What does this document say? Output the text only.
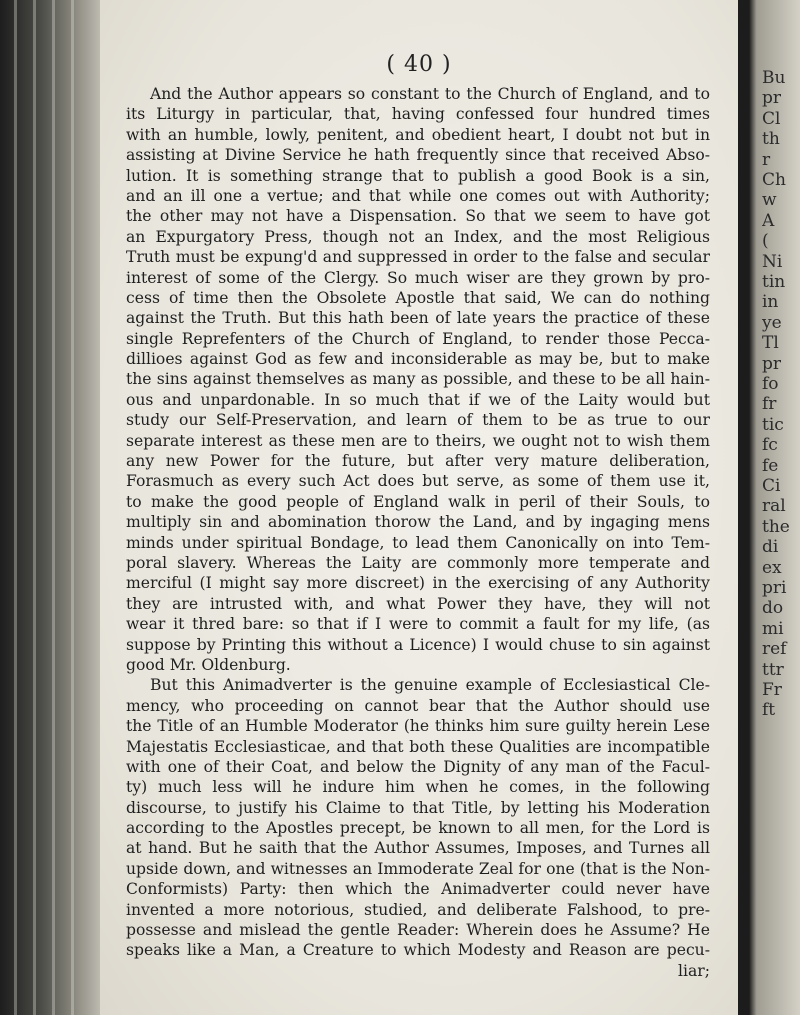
( 40 )
And the Author appears so constant to the Church of England, and to
its Liturgy in particular, that, having confessed four hundred times
with an humble, lowly, penitent, and obedient heart, I doubt not but in
assisting at Divine Service he hath frequently since that received Abso-
lution. It is something strange that to publish a good Book is a sin,
and an ill one a vertue; and that while one comes out with Authority;
the other may not have a Dispensation. So that we seem to have got
an Expurgatory Press, though not an Index, and the most Religious
Truth must be expung'd and suppressed in order to the false and secular
interest of some of the Clergy. So much wiser are they grown by pro-
cess of time then the Obsolete Apostle that said, We can do nothing
against the Truth. But this hath been of late years the practice of these
single Reprefenters of the Church of England, to render those Pecca-
dillioes against God as few and inconsiderable as may be, but to make
the sins against themselves as many as possible, and these to be all hain-
ous and unpardonable. In so much that if we of the Laity would but
study our Self-Preservation, and learn of them to be as true to our
separate interest as these men are to theirs, we ought not to wish them
any new Power for the future, but after very mature deliberation,
Forasmuch as every such Act does but serve, as some of them use it,
to make the good people of England walk in peril of their Souls, to
multiply sin and abomination thorow the Land, and by ingaging mens
minds under spiritual Bondage, to lead them Canonically on into Tem-
poral slavery. Whereas the Laity are commonly more temperate and
merciful (I might say more discreet) in the exercising of any Authority
they are intrusted with, and what Power they have, they will not
wear it thred bare: so that if I were to commit a fault for my life, (as
suppose by Printing this without a Licence) I would chuse to sin against
good Mr. Oldenburg.
But this Animadverter is the genuine example of Ecclesiastical Cle-
mency, who proceeding on cannot bear that the Author should use
the Title of an Humble Moderator (he thinks him sure guilty herein Lese
Majestatis Ecclesiasticae, and that both these Qualities are incompatible
with one of their Coat, and below the Dignity of any man of the Facul-
ty) much less will he indure him when he comes, in the following
discourse, to justify his Claime to that Title, by letting his Moderation
according to the Apostles precept, be known to all men, for the Lord is
at hand. But he saith that the Author Assumes, Imposes, and Turnes all
upside down, and witnesses an Immoderate Zeal for one (that is the Non-
Conformists) Party: then which the Animadverter could never have
invented a more notorious, studied, and deliberate Falshood, to pre-
possesse and mislead the gentle Reader: Wherein does he Assume? He
speaks like a Man, a Creature to which Modesty and Reason are pecu-
liar;
Bu
pr
Cl
th
r
Ch
w
A
(
Ni
tin
in
ye
Tl
pr
fo
fr
tic
fc
fe
Ci
ral
the
di
ex
pri
do
mi
ref
ttr
Fr
ft
